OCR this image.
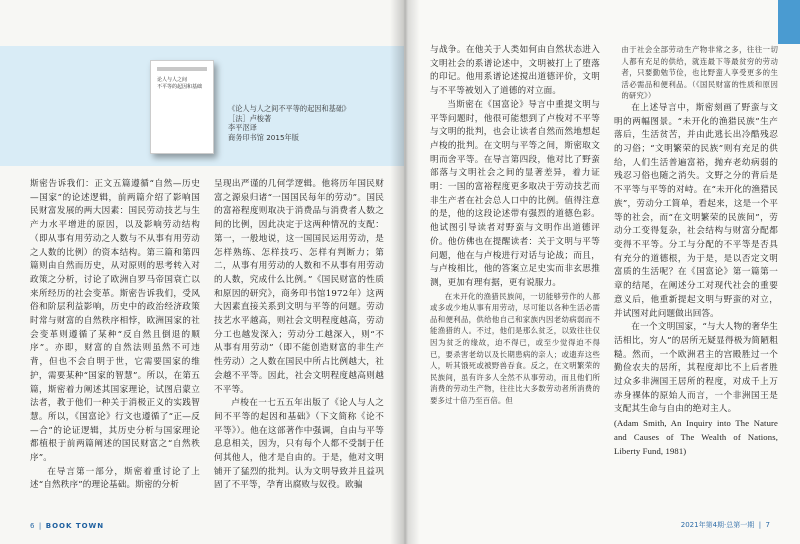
论人与人之间
不平等的起因和基础
《论人与人之间不平等的起因和基础》
［法］卢梭著
李平沤译
商务印书馆 2015年版

斯密告诉我们：正文五篇遵循“自然—历史—国家”的论述逻辑，前两篇介绍了影响国民财富发展的两大因素：国民劳动技艺与生产力水平增进的原因，以及影响劳动结构（即从事有用劳动之人数与不从事有用劳动之人数的比例）的资本结构。第三篇和第四篇则由自然而历史，从对原则的思考转入对政策之分析，讨论了欧洲自罗马帝国衰亡以来所经历的社会变革。斯密告诉我们，受风俗和阶层利益影响，历史中的政治经济政策时常与财富的自然秩序相悖，欧洲国家的社会变革则遵循了某种“反自然且倒退的顺序”。亦即，财富的自然法则虽然不可违背，但也不会自明于世，它需要国家的维护，需要某种“国家的智慧”。所以，在第五篇，斯密着力阐述其国家理论，试图启蒙立法者，教于他们一种关于消极正义的实践智慧。所以，《国富论》行文也遵循了“正—反—合”的论证逻辑，其历史分析与国家理论都植根于前两篇阐述的国民财富之“自然秩序”。

在导言第一部分，斯密着重讨论了上述“自然秩序”的理论基础。斯密的分析

呈现出严谨的几何学逻辑。他将历年国民财富之源泉归诸“一国国民每年的劳动”。国民的富裕程度则取决于消费品与消费者人数之间的比例，因此决定于这两种情况的支配：第一，一般地说，这一国国民运用劳动，是怎样熟练、怎样技巧、怎样有判断力；第二，从事有用劳动的人数和不从事有用劳动的人数，究成什么比例。”《国民财富的性质和原因的研究》，商务印书馆1972年）这两大因素直接关系到文明与平等的问题。劳动技艺水平越高，则社会文明程度越高，劳动分工也越发深入；劳动分工越深入，则“不从事有用劳动”（即不能创造财富的非生产性劳动）之人数在国民中所占比例越大，社会越不平等。因此，社会文明程度越高则越不平等。

卢梭在一七五五年出版了《论人与人之间不平等的起因和基础》（下文简称《论不平等》）。他在这部著作中强调，自由与平等息息相关，因为，只有每个人都不受制于任何其他人，他才是自由的。于是，他对文明铺开了猛烈的批判。认为文明导致并且益巩固了不平等，孕育出腐败与奴役。欧骗

6  |  BOOK TOWN

与战争。在他关于人类如何由自然状态进入文明社会的系谱论述中，文明被打上了堕落的印记。他用系谱论述搅出道德评价，文明与不平等被划入了道德的对立面。

当斯密在《国富论》导言中重提文明与平等问题时，他很可能想到了卢梭对不平等与文明的批判，也会让读者自然而然地想起卢梭的批判。在文明与平等之间，斯密取文明而舍平等。在导言第四段，他对比了野蛮部落与文明社会之间的显著差异，着力证明：一国的富裕程度更多取决于劳动技艺而非生产者在社会总人口中的比例。值得注意的是，他的这段论述带有强烈的道德色彩。他试图引导读者对野蛮与文明作出道德评价。他仿佛也在提醒读者：关于文明与平等问题，他在与卢梭进行对话与论战；而且，与卢梭相比，他的答案立足史实而非玄思推测，更加有理有据，更有说服力。

在未开化的渔猎民族间，一切能够劳作的人都或多或少地从事有用劳动，尽可能以各种生活必需品和便利品，供给他自己和家族内因老幼病弱而不能渔猎的人。不过，他们是那么贫乏，以致往往仅因为贫乏的缘故，迫不得已，或至少觉得迫不得已，要杀害老幼以及长期患病的亲人；或遗弃这些人，听其饿死或被野兽吞食。反之，在文明繁荣的民族间，虽有许多人全然不从事劳动，而且他们所消费的劳动生产物，往往比大多数劳动者所消费的要多过十倍乃至百倍。但

由于社会全部劳动生产物非常之多，往往一切人都有充足的供给，就连最下等最贫穷的劳动者，只要勤勉节俭，也比野蛮人享受更多的生活必需品和便利品。（《国民财富的性质和原因的研究》）

在上述导言中，斯密刻画了野蛮与文明的两幅图景。“未开化的渔猎民族”生产落后，生活贫苦，并由此逃长出冷酷残忍的习俗；“文明繁荣的民族”则有充足的供给，人们生活普遍富裕，抛弃老幼病弱的残忍习俗也随之消失。文野之分的背后是不平等与平等的对峙。在“未开化的渔猎民族”，劳动分工简单，看起来，这是一个平等的社会，而“在文明繁荣的民族间”，劳动分工变得复杂，社会结构与财富分配都变得不平等。分工与分配的不平等是否具有充分的道德根，为于是，是以否定文明富质的生活呢？在《国富论》第一篇第一章的结尾，在阐述分工对现代社会的重要意义后，他重新提起文明与野蛮的对立，并试图对此问题做出回答。

在一个文明国家，“与大人物的奢华生活相比，穷人”的居所无疑显得极为简陋粗糙。然而，一个欧洲君主的宫殿胜过一个勤俭农夫的居所，其程度却比不上后者胜过众多非洲国王居所的程度，对成千上万赤身裸体的原始人而言，一个非洲国王是支配其生命与自由的绝对主人。

(Adam Smith, An Inquiry into The Nature and Causes of The Wealth of Nations, Liberty Fund, 1981)

2021年第4期·总第一期  |  7
